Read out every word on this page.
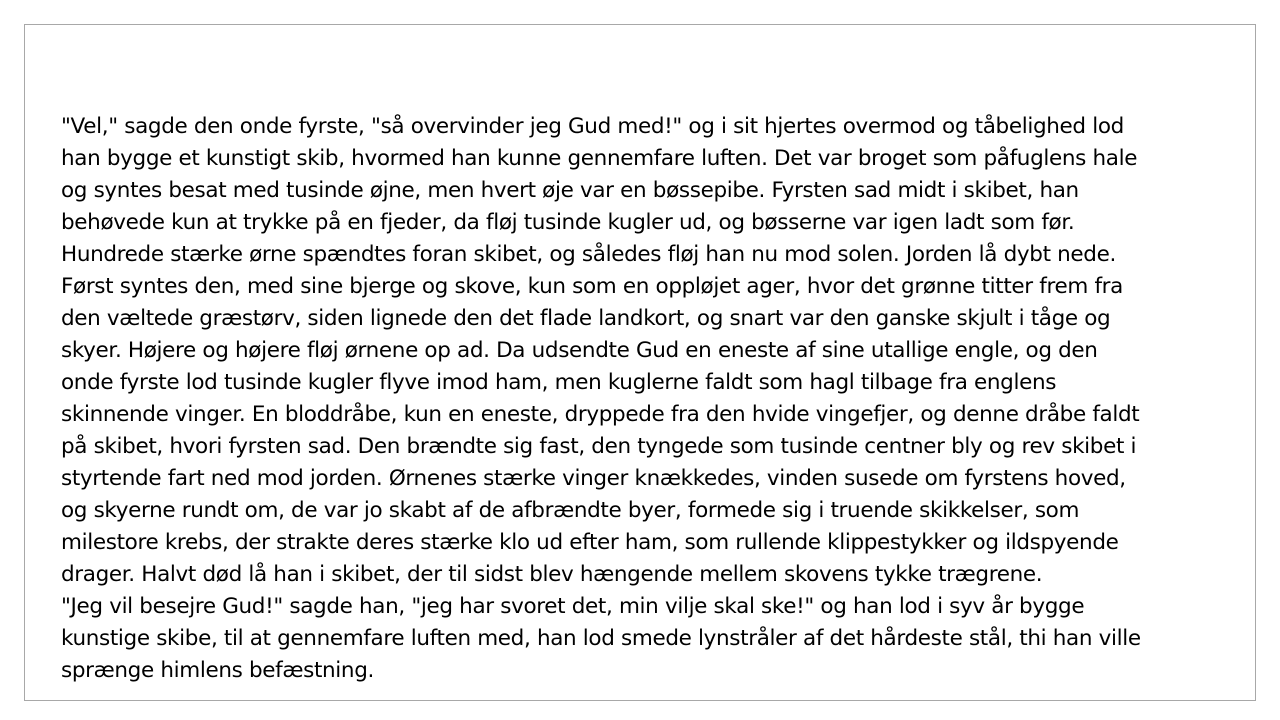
"Vel," sagde den onde fyrste, "så overvinder jeg Gud med!" og i sit hjertes overmod og tåbelighed lod
han bygge et kunstigt skib, hvormed han kunne gennemfare luften. Det var broget som påfuglens hale
og syntes besat med tusinde øjne, men hvert øje var en bøssepibe. Fyrsten sad midt i skibet, han
behøvede kun at trykke på en fjeder, da fløj tusinde kugler ud, og bøsserne var igen ladt som før.
Hundrede stærke ørne spændtes foran skibet, og således fløj han nu mod solen. Jorden lå dybt nede.
Først syntes den, med sine bjerge og skove, kun som en oppløjet ager, hvor det grønne titter frem fra
den væltede græstørv, siden lignede den det flade landkort, og snart var den ganske skjult i tåge og
skyer. Højere og højere fløj ørnene op ad. Da udsendte Gud en eneste af sine utallige engle, og den
onde fyrste lod tusinde kugler flyve imod ham, men kuglerne faldt som hagl tilbage fra englens
skinnende vinger. En bloddråbe, kun en eneste, dryppede fra den hvide vingefjer, og denne dråbe faldt
på skibet, hvori fyrsten sad. Den brændte sig fast, den tyngede som tusinde centner bly og rev skibet i
styrtende fart ned mod jorden. Ørnenes stærke vinger knækkedes, vinden susede om fyrstens hoved,
og skyerne rundt om, de var jo skabt af de afbrændte byer, formede sig i truende skikkelser, som
milestore krebs, der strakte deres stærke klo ud efter ham, som rullende klippestykker og ildspyende
drager. Halvt død lå han i skibet, der til sidst blev hængende mellem skovens tykke trægrene.
"Jeg vil besejre Gud!" sagde han, "jeg har svoret det, min vilje skal ske!" og han lod i syv år bygge
kunstige skibe, til at gennemfare luften med, han lod smede lynstråler af det hårdeste stål, thi han ville
sprænge himlens befæstning.
